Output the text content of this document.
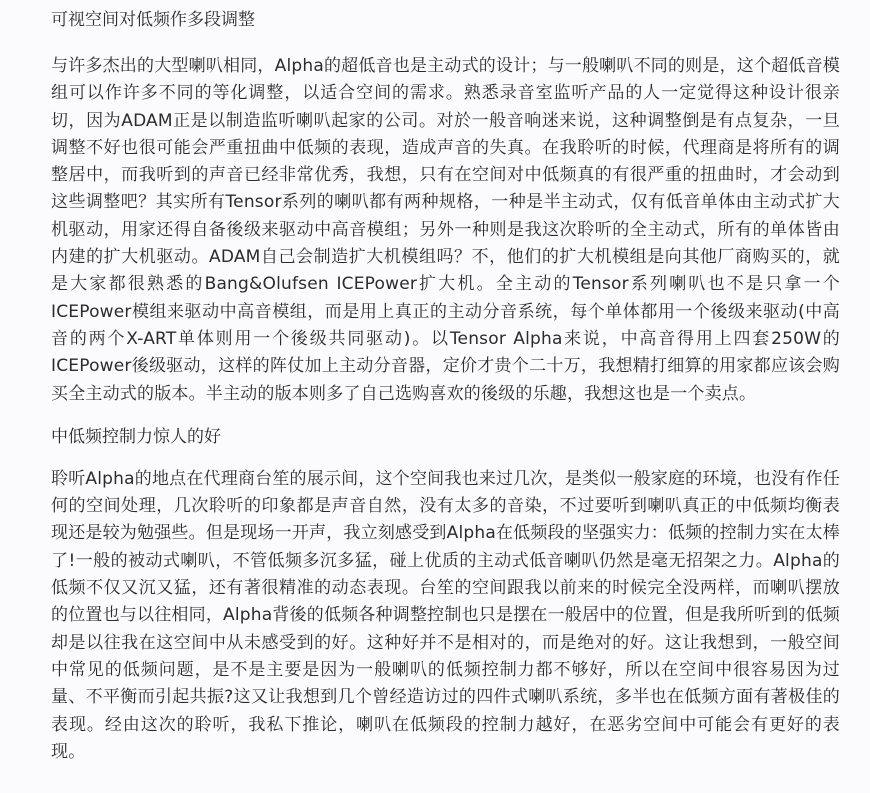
可视空间对低频作多段调整

与许多杰出的大型喇叭相同，Alpha的超低音也是主动式的设计；与一般喇叭不同的则是，这个超低音模组可以作许多不同的等化调整，以适合空间的需求。熟悉录音室监听产品的人一定觉得这种设计很亲切，因为ADAM正是以制造监听喇叭起家的公司。对於一般音响迷来说，这种调整倒是有点复杂，一旦调整不好也很可能会严重扭曲中低频的表现，造成声音的失真。在我聆听的时候，代理商是将所有的调整居中，而我听到的声音已经非常优秀，我想，只有在空间对中低频真的有很严重的扭曲时，才会动到这些调整吧？其实所有Tensor系列的喇叭都有两种规格，一种是半主动式，仅有低音单体由主动式扩大机驱动，用家还得自备後级来驱动中高音模组；另外一种则是我这次聆听的全主动式，所有的单体皆由内建的扩大机驱动。ADAM自己会制造扩大机模组吗？不，他们的扩大机模组是向其他厂商购买的，就是大家都很熟悉的Bang&Olufsen ICEPower扩大机。全主动的Tensor系列喇叭也不是只拿一个ICEPower模组来驱动中高音模组，而是用上真正的主动分音系统，每个单体都用一个後级来驱动(中高音的两个X-ART单体则用一个後级共同驱动)。以Tensor Alpha来说，中高音得用上四套250W的ICEPower後级驱动，这样的阵仗加上主动分音器，定价才贵个二十万，我想精打细算的用家都应该会购买全主动式的版本。半主动的版本则多了自己选购喜欢的後级的乐趣，我想这也是一个卖点。

中低频控制力惊人的好

聆听Alpha的地点在代理商台笙的展示间，这个空间我也来过几次，是类似一般家庭的环境，也没有作任何的空间处理，几次聆听的印象都是声音自然，没有太多的音染，不过要听到喇叭真正的中低频均衡表现还是较为勉强些。但是现场一开声，我立刻感受到Alpha在低频段的坚强实力：低频的控制力实在太棒了!一般的被动式喇叭，不管低频多沉多猛，碰上优质的主动式低音喇叭仍然是毫无招架之力。Alpha的低频不仅又沉又猛，还有著很精准的动态表现。台笙的空间跟我以前来的时候完全没两样，而喇叭摆放的位置也与以往相同，Alpha背後的低频各种调整控制也只是摆在一般居中的位置，但是我所听到的低频却是以往我在这空间中从未感受到的好。这种好并不是相对的，而是绝对的好。这让我想到，一般空间中常见的低频问题，是不是主要是因为一般喇叭的低频控制力都不够好，所以在空间中很容易因为过量、不平衡而引起共振?这又让我想到几个曾经造访过的四件式喇叭系统，多半也在低频方面有著极佳的表现。经由这次的聆听，我私下推论，喇叭在低频段的控制力越好，在恶劣空间中可能会有更好的表现。
